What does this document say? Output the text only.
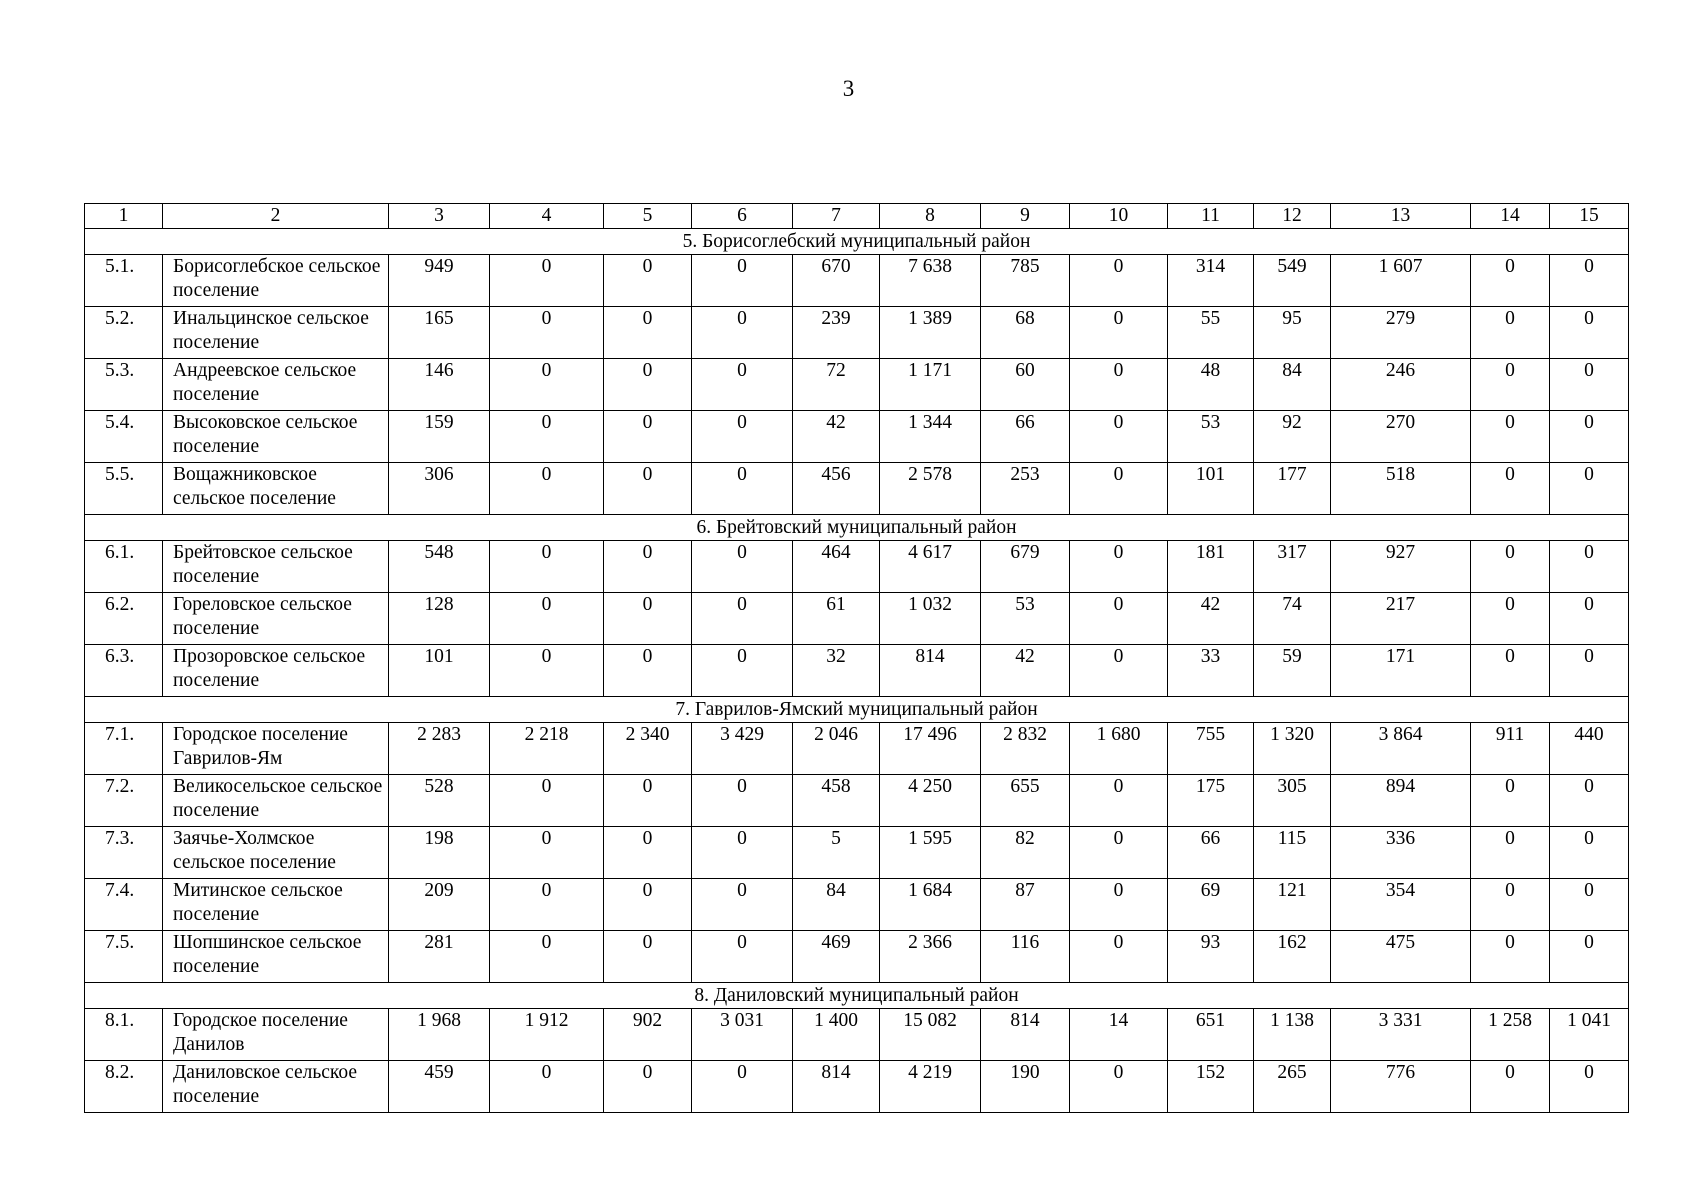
3
1	2	3	4	5	6	7	8	9	10	11	12	13	14	15
5. Борисоглебский муниципальный район														
5.1.	Борисоглебское сельское поселение	949	0	0	0	670	7 638	785	0	314	549	1 607	0	0
5.2.	Инальцинское сельское поселение	165	0	0	0	239	1 389	68	0	55	95	279	0	0
5.3.	Андреевское сельское поселение	146	0	0	0	72	1 171	60	0	48	84	246	0	0
5.4.	Высоковское сельское поселение	159	0	0	0	42	1 344	66	0	53	92	270	0	0
5.5.	Вощажниковское сельское поселение	306	0	0	0	456	2 578	253	0	101	177	518	0	0
6. Брейтовский муниципальный район														
6.1.	Брейтовское сельское поселение	548	0	0	0	464	4 617	679	0	181	317	927	0	0
6.2.	Гореловское сельское поселение	128	0	0	0	61	1 032	53	0	42	74	217	0	0
6.3.	Прозоровское сельское поселение	101	0	0	0	32	814	42	0	33	59	171	0	0
7. Гаврилов-Ямский муниципальный район														
7.1.	Городское поселение Гаврилов-Ям	2 283	2 218	2 340	3 429	2 046	17 496	2 832	1 680	755	1 320	3 864	911	440
7.2.	Великосельское сельское поселение	528	0	0	0	458	4 250	655	0	175	305	894	0	0
7.3.	Заячье-Холмское сельское поселение	198	0	0	0	5	1 595	82	0	66	115	336	0	0
7.4.	Митинское сельское поселение	209	0	0	0	84	1 684	87	0	69	121	354	0	0
7.5.	Шопшинское сельское поселение	281	0	0	0	469	2 366	116	0	93	162	475	0	0
8. Даниловский муниципальный район														
8.1.	Городское поселение Данилов	1 968	1 912	902	3 031	1 400	15 082	814	14	651	1 138	3 331	1 258	1 041
8.2.	Даниловское сельское поселение	459	0	0	0	814	4 219	190	0	152	265	776	0	0
